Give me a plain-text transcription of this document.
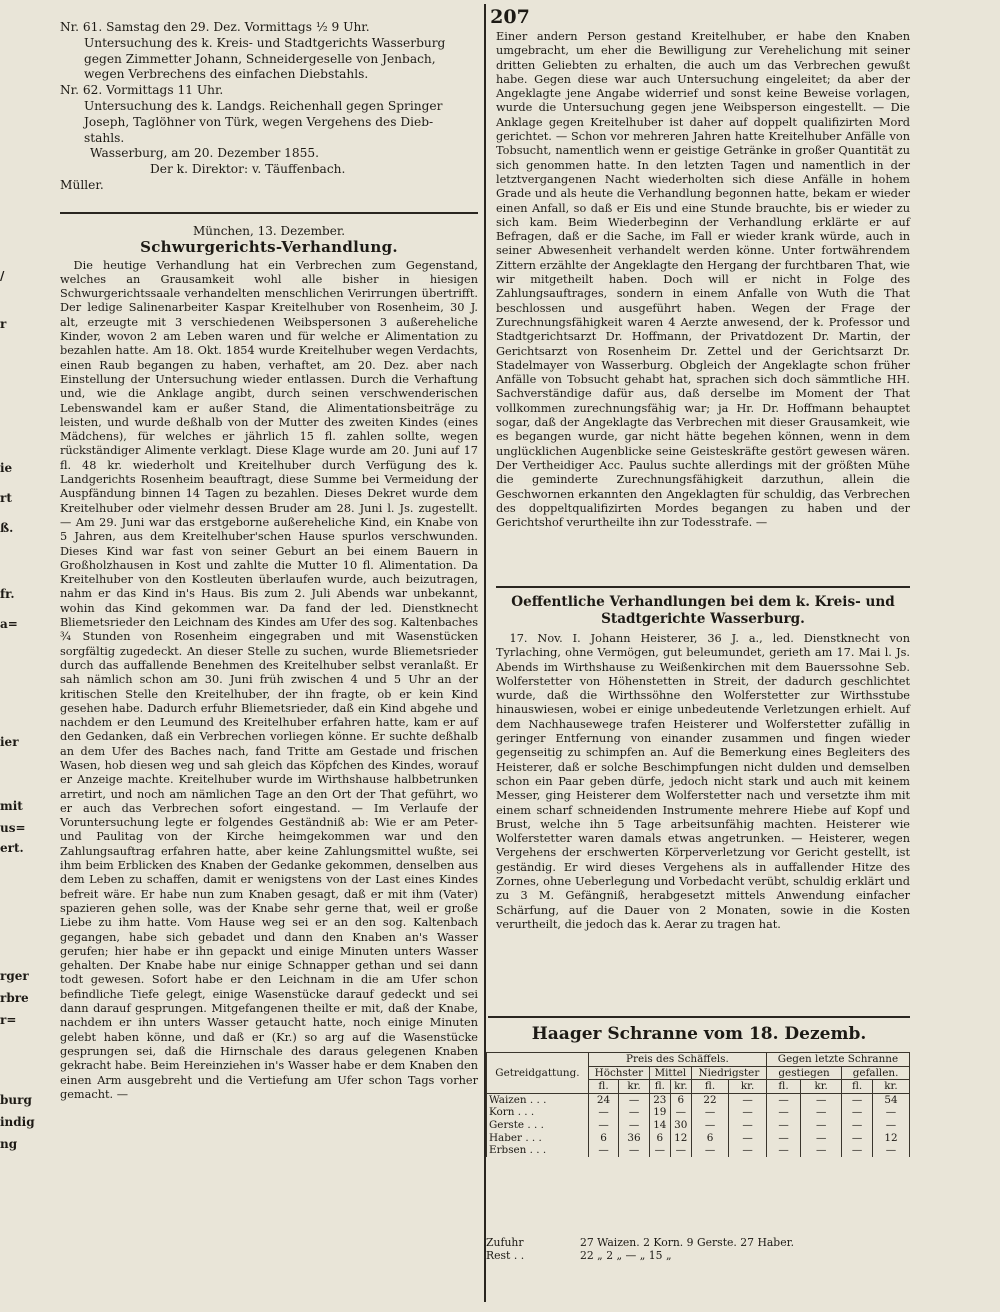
207
/
r
ie
rt
ß.
fr.
a=
ier
mit
us=
ert.
rger
rbre
r=
burg
indig
ng
Nr. 61. Samstag den 29. Dez. Vormittags ½ 9 Uhr.
Untersuchung des k. Kreis- und Stadtgerichts Wasserburg
gegen Zimmetter Johann, Schneidergeselle von Jenbach,
wegen Verbrechens des einfachen Diebstahls.
Nr. 62. Vormittags 11 Uhr.
Untersuchung des k. Landgs. Reichenhall gegen Springer
Joseph, Taglöhner von Türk, wegen Vergehens des Dieb-
stahls.
Wasserburg, am 20. Dezember 1855.
Der k. Direktor: v. Täuffenbach.
Müller.
München, 13. Dezember.
Schwurgerichts-Verhandlung.

Die heutige Verhandlung hat ein Verbrechen zum Gegenstand, welches an Grausamkeit wohl alle bisher in hiesigen Schwurgerichtssaale verhandelten menschlichen Verirrungen übertrifft. Der ledige Salinenarbeiter Kaspar Kreitelhuber von Rosenheim, 30 J. alt, erzeugte mit 3 verschiedenen Weibspersonen 3 außereheliche Kinder, wovon 2 am Leben waren und für welche er Alimentation zu bezahlen hatte. Am 18. Okt. 1854 wurde Kreitelhuber wegen Verdachts, einen Raub begangen zu haben, verhaftet, am 20. Dez. aber nach Einstellung der Untersuchung wieder entlassen. Durch die Verhaftung und, wie die Anklage angibt, durch seinen verschwenderischen Lebenswandel kam er außer Stand, die Alimentationsbeiträge zu leisten, und wurde deßhalb von der Mutter des zweiten Kindes (eines Mädchens), für welches er jährlich 15 fl. zahlen sollte, wegen rückständiger Alimente verklagt. Diese Klage wurde am 20. Juni auf 17 fl. 48 kr. wiederholt und Kreitelhuber durch Verfügung des k. Landgerichts Rosenheim beauftragt, diese Summe bei Vermeidung der Auspfändung binnen 14 Tagen zu bezahlen. Dieses Dekret wurde dem Kreitelhuber oder vielmehr dessen Bruder am 28. Juni l. Js. zugestellt. — Am 29. Juni war das erstgeborne außereheliche Kind, ein Knabe von 5 Jahren, aus dem Kreitelhuber'schen Hause spurlos verschwunden. Dieses Kind war fast von seiner Geburt an bei einem Bauern in Großholzhausen in Kost und zahlte die Mutter 10 fl. Alimentation. Da Kreitelhuber von den Kostleuten überlaufen wurde, auch beizutragen, nahm er das Kind in's Haus. Bis zum 2. Juli Abends war unbekannt, wohin das Kind gekommen war. Da fand der led. Dienstknecht Bliemetsrieder den Leichnam des Kindes am Ufer des sog. Kaltenbaches ¾ Stunden von Rosenheim eingegraben und mit Wasenstücken sorgfältig zugedeckt. An dieser Stelle zu suchen, wurde Bliemetsrieder durch das auffallende Benehmen des Kreitelhuber selbst veranlaßt. Er sah nämlich schon am 30. Juni früh zwischen 4 und 5 Uhr an der kritischen Stelle den Kreitelhuber, der ihn fragte, ob er kein Kind gesehen habe. Dadurch erfuhr Bliemetsrieder, daß ein Kind abgehe und nachdem er den Leumund des Kreitelhuber erfahren hatte, kam er auf den Gedanken, daß ein Verbrechen vorliegen könne. Er suchte deßhalb an dem Ufer des Baches nach, fand Tritte am Gestade und frischen Wasen, hob diesen weg und sah gleich das Köpfchen des Kindes, worauf er Anzeige machte. Kreitelhuber wurde im Wirthshause halbbetrunken arretirt, und noch am nämlichen Tage an den Ort der That geführt, wo er auch das Verbrechen sofort eingestand. — Im Verlaufe der Voruntersuchung legte er folgendes Geständniß ab: Wie er am Peter- und Paulitag von der Kirche heimgekommen war und den Zahlungsauftrag erfahren hatte, aber keine Zahlungsmittel wußte, sei ihm beim Erblicken des Knaben der Gedanke gekommen, denselben aus dem Leben zu schaffen, damit er wenigstens von der Last eines Kindes befreit wäre. Er habe nun zum Knaben gesagt, daß er mit ihm (Vater) spazieren gehen solle, was der Knabe sehr gerne that, weil er große Liebe zu ihm hatte. Vom Hause weg sei er an den sog. Kaltenbach gegangen, habe sich gebadet und dann den Knaben an's Wasser gerufen; hier habe er ihn gepackt und einige Minuten unters Wasser gehalten. Der Knabe habe nur einige Schnapper gethan und sei dann todt gewesen. Sofort habe er den Leichnam in die am Ufer schon befindliche Tiefe gelegt, einige Wasenstücke darauf gedeckt und sei dann darauf gesprungen. Mitgefangenen theilte er mit, daß der Knabe, nachdem er ihn unters Wasser getaucht hatte, noch einige Minuten gelebt haben könne, und daß er (Kr.) so arg auf die Wasenstücke gesprungen sei, daß die Hirnschale des daraus gelegenen Knaben gekracht habe. Beim Hereinziehen in's Wasser habe er dem Knaben den einen Arm ausgebreht und die Vertiefung am Ufer schon Tags vorher gemacht. —

Einer andern Person gestand Kreitelhuber, er habe den Knaben umgebracht, um eher die Bewilligung zur Verehelichung mit seiner dritten Geliebten zu erhalten, die auch um das Verbrechen gewußt habe. Gegen diese war auch Untersuchung eingeleitet; da aber der Angeklagte jene Angabe widerrief und sonst keine Beweise vorlagen, wurde die Untersuchung gegen jene Weibsperson eingestellt. — Die Anklage gegen Kreitelhuber ist daher auf doppelt qualifizirten Mord gerichtet. — Schon vor mehreren Jahren hatte Kreitelhuber Anfälle von Tobsucht, namentlich wenn er geistige Getränke in großer Quantität zu sich genommen hatte. In den letzten Tagen und namentlich in der letztvergangenen Nacht wiederholten sich diese Anfälle in hohem Grade und als heute die Verhandlung begonnen hatte, bekam er wieder einen Anfall, so daß er Eis und eine Stunde brauchte, bis er wieder zu sich kam. Beim Wiederbeginn der Verhandlung erklärte er auf Befragen, daß er die Sache, im Fall er wieder krank würde, auch in seiner Abwesenheit verhandelt werden könne. Unter fortwährendem Zittern erzählte der Angeklagte den Hergang der furchtbaren That, wie wir mitgetheilt haben. Doch will er nicht in Folge des Zahlungsauftrages, sondern in einem Anfalle von Wuth die That beschlossen und ausgeführt haben. Wegen der Frage der Zurechnungsfähigkeit waren 4 Aerzte anwesend, der k. Professor und Stadtgerichtsarzt Dr. Hoffmann, der Privatdozent Dr. Martin, der Gerichtsarzt von Rosenheim Dr. Zettel und der Gerichtsarzt Dr. Stadelmayer von Wasserburg. Obgleich der Angeklagte schon früher Anfälle von Tobsucht gehabt hat, sprachen sich doch sämmtliche HH. Sachverständige dafür aus, daß derselbe im Moment der That vollkommen zurechnungsfähig war; ja Hr. Dr. Hoffmann behauptet sogar, daß der Angeklagte das Verbrechen mit dieser Grausamkeit, wie es begangen wurde, gar nicht hätte begehen können, wenn in dem unglücklichen Augenblicke seine Geisteskräfte gestört gewesen wären. Der Vertheidiger Acc. Paulus suchte allerdings mit der größten Mühe die geminderte Zurechnungsfähigkeit darzuthun, allein die Geschwornen erkannten den Angeklagten für schuldig, das Verbrechen des doppeltqualifizirten Mordes begangen zu haben und der Gerichtshof verurtheilte ihn zur Todesstrafe. —

Oeffentliche Verhandlungen bei dem k. Kreis- und Stadtgerichte Wasserburg.

17. Nov. I. Johann Heisterer, 36 J. a., led. Dienstknecht von Tyrlaching, ohne Vermögen, gut beleumundet, gerieth am 17. Mai l. Js. Abends im Wirthshause zu Weißenkirchen mit dem Bauerssohne Seb. Wolferstetter von Höhenstetten in Streit, der dadurch geschlichtet wurde, daß die Wirthssöhne den Wolferstetter zur Wirthsstube hinauswiesen, wobei er einige unbedeutende Verletzungen erhielt. Auf dem Nachhausewege trafen Heisterer und Wolferstetter zufällig in geringer Entfernung von einander zusammen und fingen wieder gegenseitig zu schimpfen an. Auf die Bemerkung eines Begleiters des Heisterer, daß er solche Beschimpfungen nicht dulden und demselben schon ein Paar geben dürfe, jedoch nicht stark und auch mit keinem Messer, ging Heisterer dem Wolferstetter nach und versetzte ihm mit einem scharf schneidenden Instrumente mehrere Hiebe auf Kopf und Brust, welche ihn 5 Tage arbeitsunfähig machten. Heisterer wie Wolferstetter waren damals etwas angetrunken. — Heisterer, wegen Vergehens der erschwerten Körperverletzung vor Gericht gestellt, ist geständig. Er wird dieses Vergehens als in auffallender Hitze des Zornes, ohne Ueberlegung und Vorbedacht verübt, schuldig erklärt und zu 3 M. Gefängniß, herabgesetzt mittels Anwendung einfacher Schärfung, auf die Dauer von 2 Monaten, sowie in die Kosten verurtheilt, die jedoch das k. Aerar zu tragen hat.

Haager Schranne vom 18. Dezemb.
Getreidgattung.	Preis des Schäffels.						Gegen letzte Schranne			
	Höchster		Mittel		Niedrigster		gestiegen		gefallen.	
	fl.	kr.	fl.	kr.	fl.	kr.	fl.	kr.	fl.	kr.
Waizen . . .	24	—	23	6	22	—	—	—	—	54
Korn . . .	—	—	19	—	—	—	—	—	—	—
Gerste . . .	—	—	14	30	—	—	—	—	—	—
Haber . . .	6	36	6	12	6	—	—	—	—	12
Erbsen . . .	—	—	—	—	—	—	—	—	—	—
Zufuhr	27 Waizen. 2 Korn. 9 Gerste. 27 Haber.
Rest . .	22 „ 2 „ — „ 15 „
